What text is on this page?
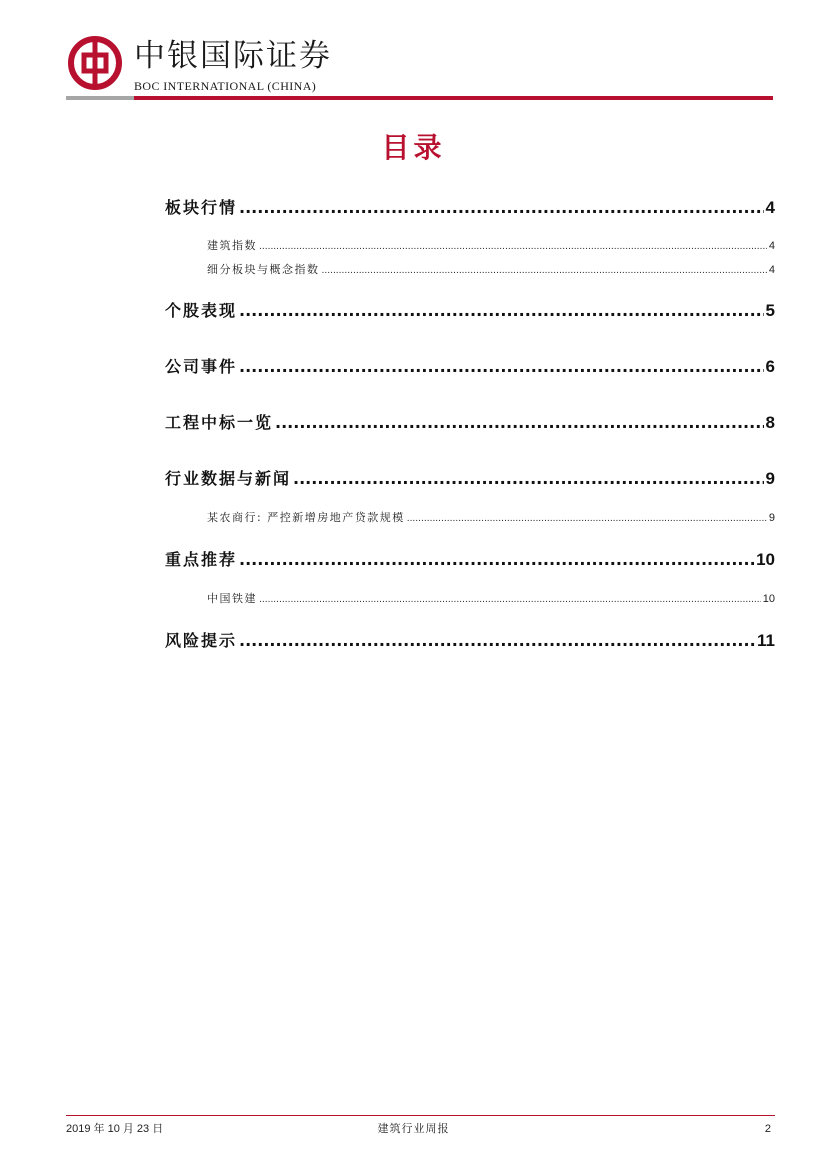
中银国际证券
BOC INTERNATIONAL (CHINA)
目录
板块行情 .....	4
建筑指数 .....	4
细分板块与概念指数 .....	4
个股表现 .....	5
公司事件 .....	6
工程中标一览 .....	8
行业数据与新闻 .....	9
某农商行: 严控新增房地产贷款规模 .....	9
重点推荐 .....	10
中国铁建 .....	10
风险提示 .....	11
2019 年 10 月 23 日	建筑行业周报	2
